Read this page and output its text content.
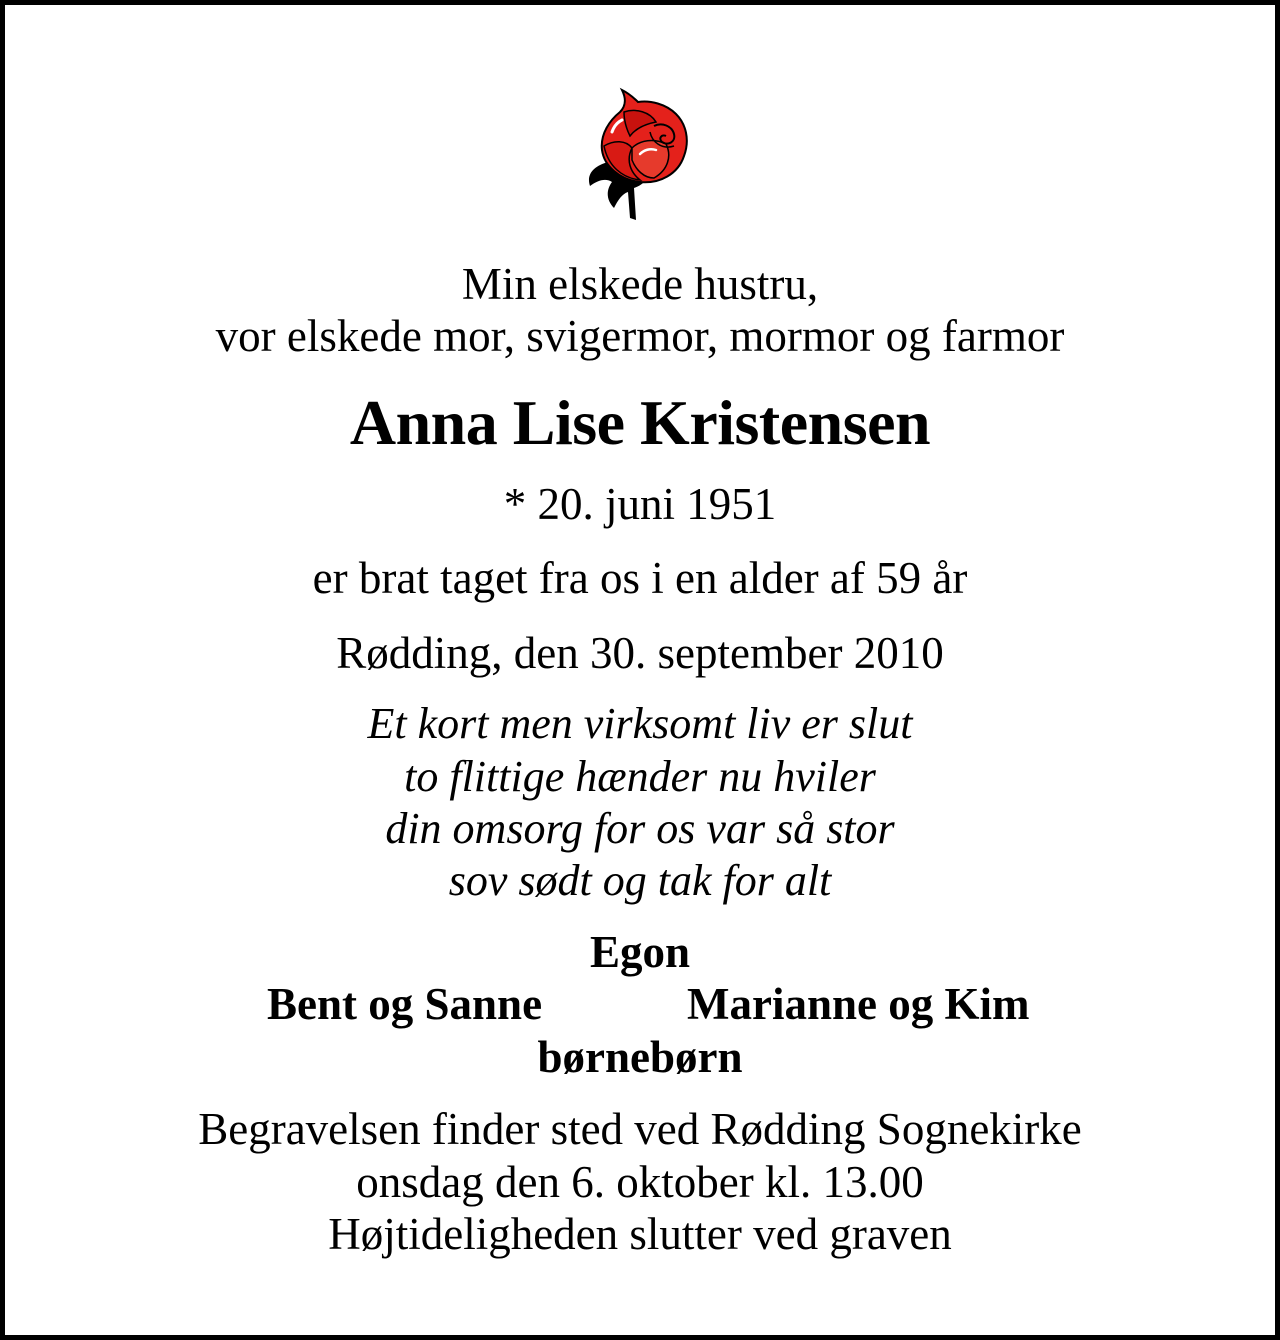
Min elskede hustru,
vor elskede mor, svigermor, mormor og farmor
Anna Lise Kristensen
* 20. juni 1951
er brat taget fra os i en alder af 59 år
Rødding, den 30. september 2010
Et kort men virksomt liv er slut
to flittige hænder nu hviler
din omsorg for os var så stor
sov sødt og tak for alt
Egon
Bent og Sanne	Marianne og Kim
børnebørn
Begravelsen finder sted ved Rødding Sognekirke
onsdag den 6. oktober kl. 13.00
Højtideligheden slutter ved graven
